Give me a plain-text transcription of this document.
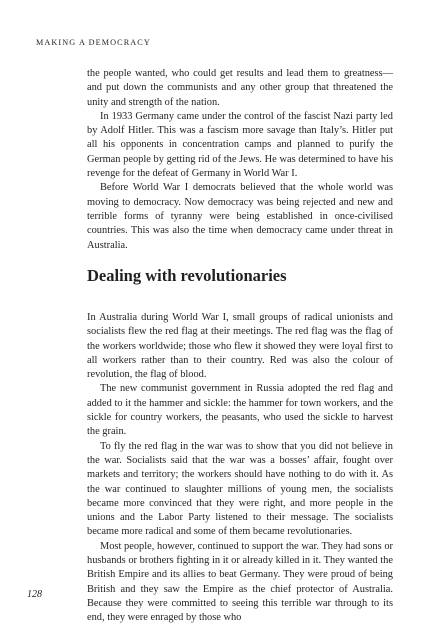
MAKING A DEMOCRACY

the people wanted, who could get results and lead them to greatness—and put down the communists and any other group that threatened the unity and strength of the nation.

In 1933 Germany came under the control of the fascist Nazi party led by Adolf Hitler. This was a fascism more savage than Italy’s. Hitler put all his opponents in concentration camps and planned to purify the German people by getting rid of the Jews. He was determined to have his revenge for the defeat of Germany in World War I.

Before World War I democrats believed that the whole world was moving to democracy. Now democracy was being rejected and new and terrible forms of tyranny were being established in once-civilised countries. This was also the time when democracy came under threat in Australia.

Dealing with revolutionaries

In Australia during World War I, small groups of radical unionists and socialists flew the red flag at their meetings. The red flag was the flag of the workers worldwide; those who flew it showed they were loyal first to all workers rather than to their country. Red was also the colour of revolution, the flag of blood.

The new communist government in Russia adopted the red flag and added to it the hammer and sickle: the hammer for town workers, and the sickle for country workers, the peasants, who used the sickle to harvest the grain.

To fly the red flag in the war was to show that you did not believe in the war. Socialists said that the war was a bosses’ affair, fought over markets and territory; the workers should have nothing to do with it. As the war continued to slaughter millions of young men, the socialists became more convinced that they were right, and more people in the unions and the Labor Party listened to their message. The socialists became more radical and some of them became revolutionaries.

Most people, however, continued to support the war. They had sons or husbands or brothers fighting in it or already killed in it. They wanted the British Empire and its allies to beat Germany. They were proud of being British and they saw the Empire as the chief protector of Australia. Because they were committed to seeing this terrible war through to its end, they were enraged by those who

128
